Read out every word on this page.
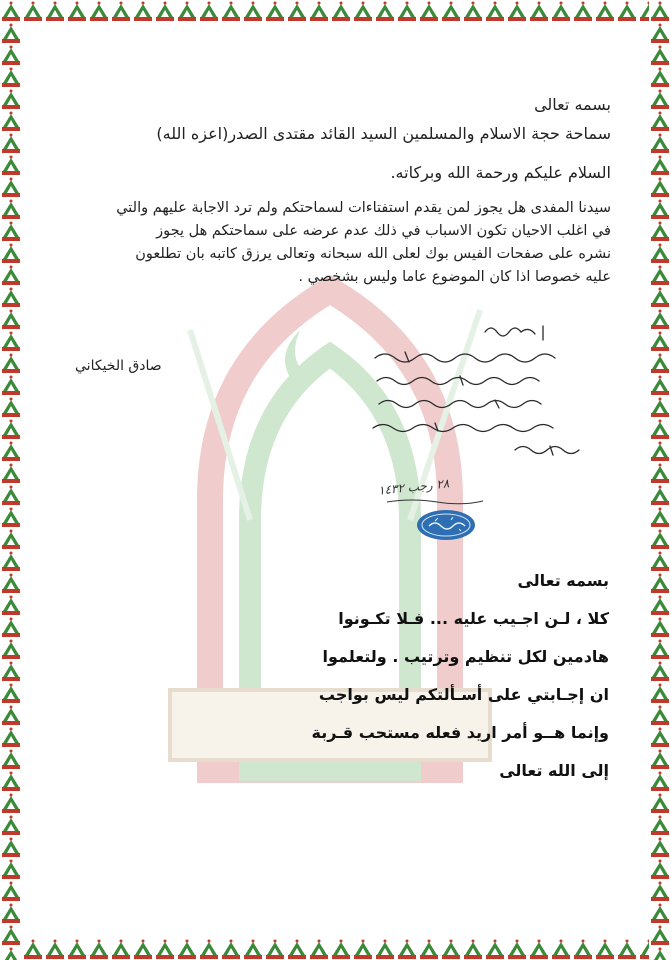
بسمه تعالى

سماحة حجة الاسلام والمسلمين السيد القائد مقتدى الصدر(اعزه الله)

السلام عليكم ورحمة الله وبركاته.

سيدنا المفدى هل يجوز لمن يقدم استفتاءات لسماحتكم ولم ترد الاجابة عليهم والتي
في اغلب الاحيان تكون الاسباب في ذلك عدم عرضه على سماحتكم هل يجوز
نشره على صفحات الفيس بوك لعلى الله سبحانه وتعالى يرزق كاتبه بان تطلعون
عليه خصوصا اذا كان الموضوع عاما وليس بشخصي .

صادق الخيكاني

٢٨ رجب ١٤٣٢

بسمه تعالى
كلا ، لـن اجـيب عليه ... فـلا تكـونوا
هادمين لكل تنظيم وترتيب . ولتعلموا
ان إجـابتي على أسـألتكم ليس بواجب
وإنما هــو أمر اريد فعله مستحب قـربة
إلى الله تعالى
